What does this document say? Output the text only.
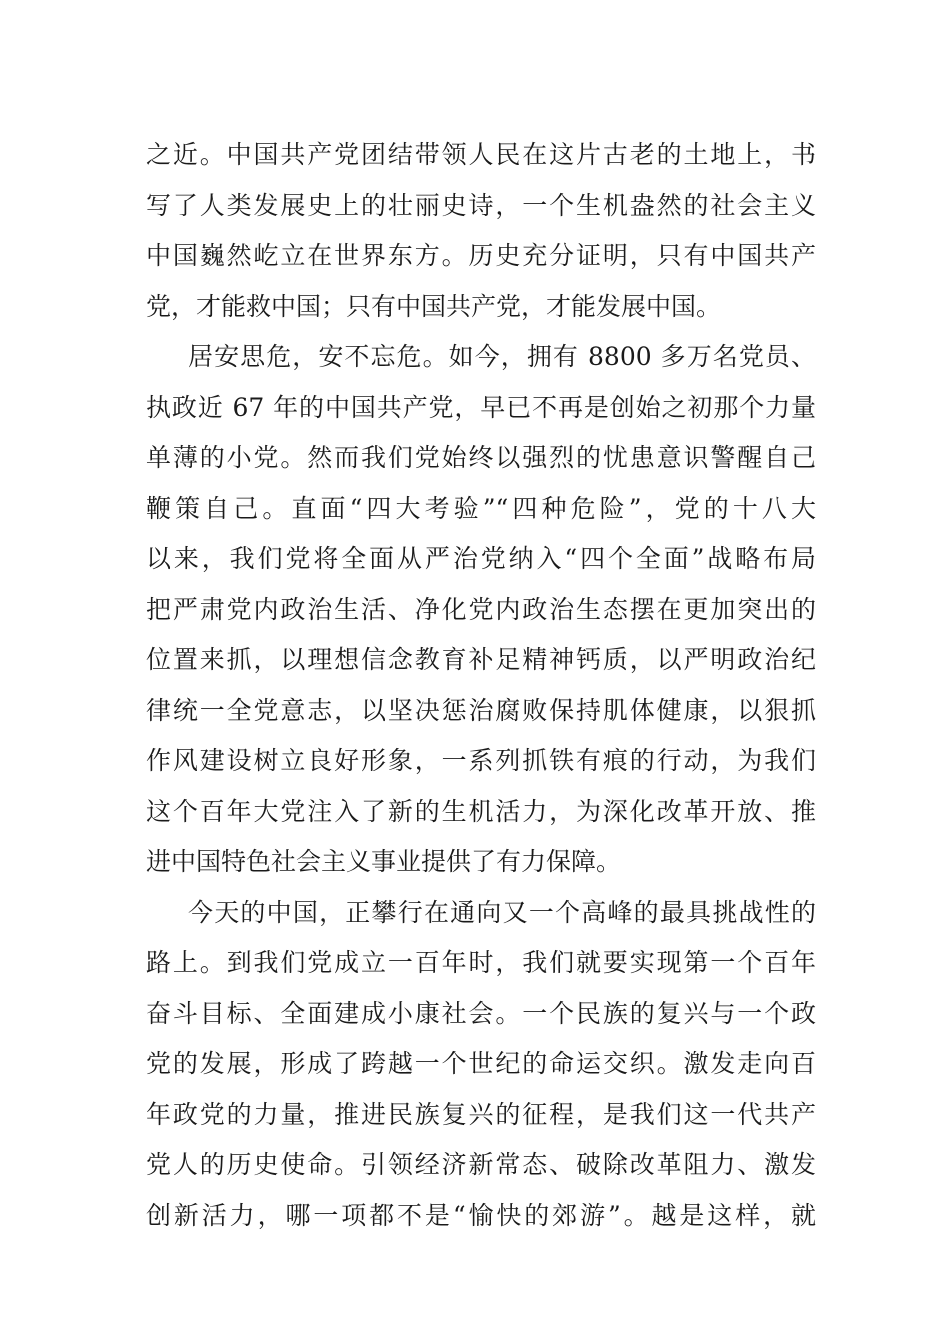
之近。中国共产党团结带领人民在这片古老的土地上，书
写了人类发展史上的壮丽史诗，一个生机盎然的社会主义
中国巍然屹立在世界东方。历史充分证明，只有中国共产
党，才能救中国；只有中国共产党，才能发展中国。
居安思危，安不忘危。如今，拥有 8800 多万名党员、
执政近 67 年的中国共产党，早已不再是创始之初那个力量
单薄的小党。然而我们党始终以强烈的忧患意识警醒自己
鞭策自己。直面“四大考验”“四种危险”，党的十八大
以来，我们党将全面从严治党纳入“四个全面”战略布局
把严肃党内政治生活、净化党内政治生态摆在更加突出的
位置来抓，以理想信念教育补足精神钙质，以严明政治纪
律统一全党意志，以坚决惩治腐败保持肌体健康，以狠抓
作风建设树立良好形象，一系列抓铁有痕的行动，为我们
这个百年大党注入了新的生机活力，为深化改革开放、推
进中国特色社会主义事业提供了有力保障。
今天的中国，正攀行在通向又一个高峰的最具挑战性的
路上。到我们党成立一百年时，我们就要实现第一个百年
奋斗目标、全面建成小康社会。一个民族的复兴与一个政
党的发展，形成了跨越一个世纪的命运交织。激发走向百
年政党的力量，推进民族复兴的征程，是我们这一代共产
党人的历史使命。引领经济新常态、破除改革阻力、激发
创新活力，哪一项都不是“愉快的郊游”。越是这样，就
